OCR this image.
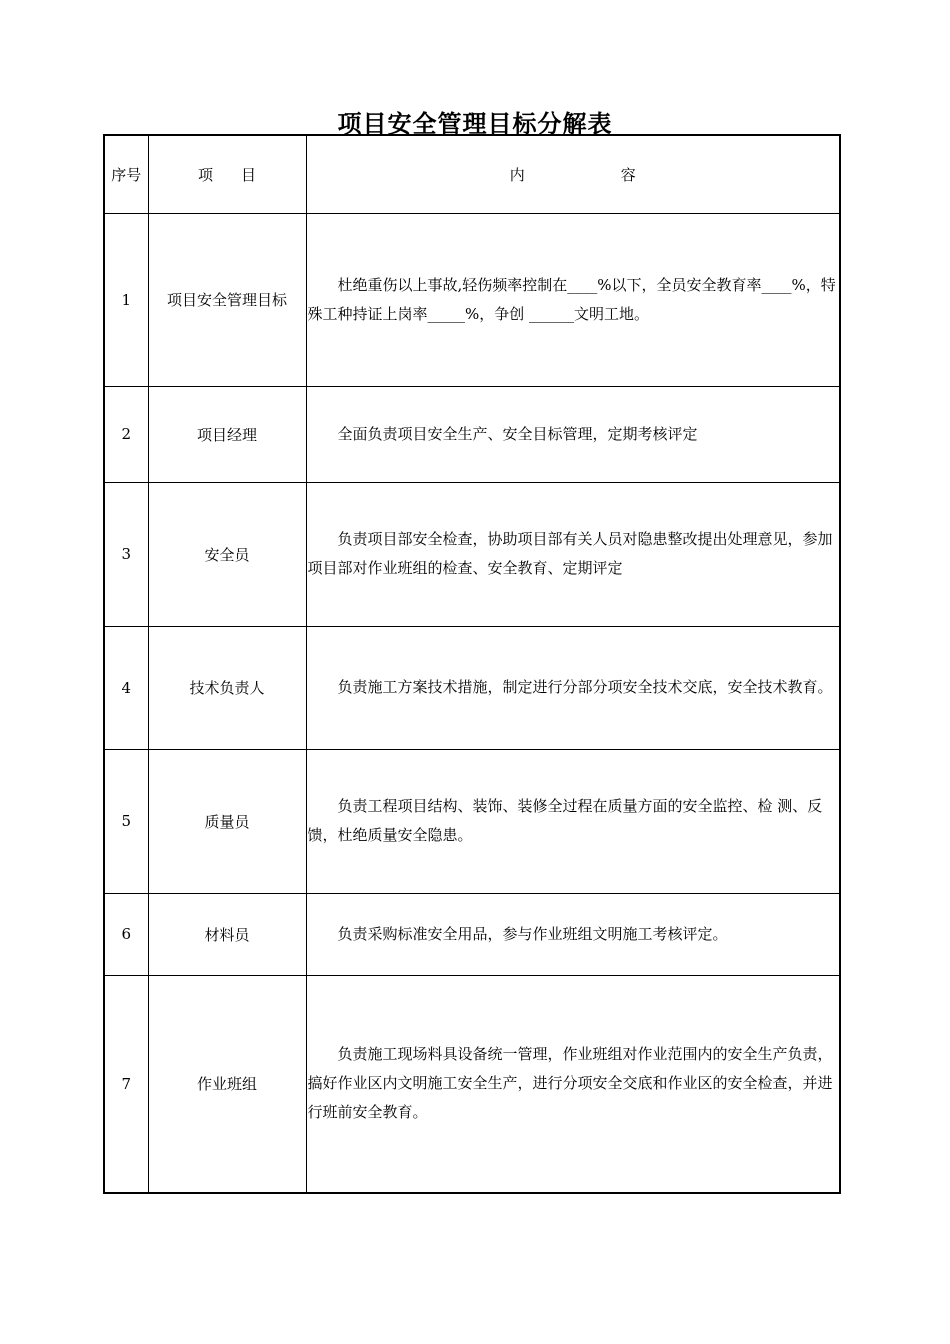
项目安全管理目标分解表
序号	项 目	内 容
1	项目安全管理目标	杜绝重伤以上事故,轻伤频率控制在____%以下，全员安全教育率____%，特殊工种持证上岗率_____%，争创 ______文明工地。
2	项目经理	全面负责项目安全生产、安全目标管理，定期考核评定
3	安全员	负责项目部安全检查，协助项目部有关人员对隐患整改提出处理意见，参加项目部对作业班组的检查、安全教育、定期评定
4	技术负责人	负责施工方案技术措施，制定进行分部分项安全技术交底，安全技术教育。
5	质量员	负责工程项目结构、装饰、装修全过程在质量方面的安全监控、检 测、反馈，杜绝质量安全隐患。
6	材料员	负责采购标准安全用品，参与作业班组文明施工考核评定。
7	作业班组	负责施工现场料具设备统一管理，作业班组对作业范围内的安全生产负责，搞好作业区内文明施工安全生产，进行分项安全交底和作业区的安全检查，并进行班前安全教育。
